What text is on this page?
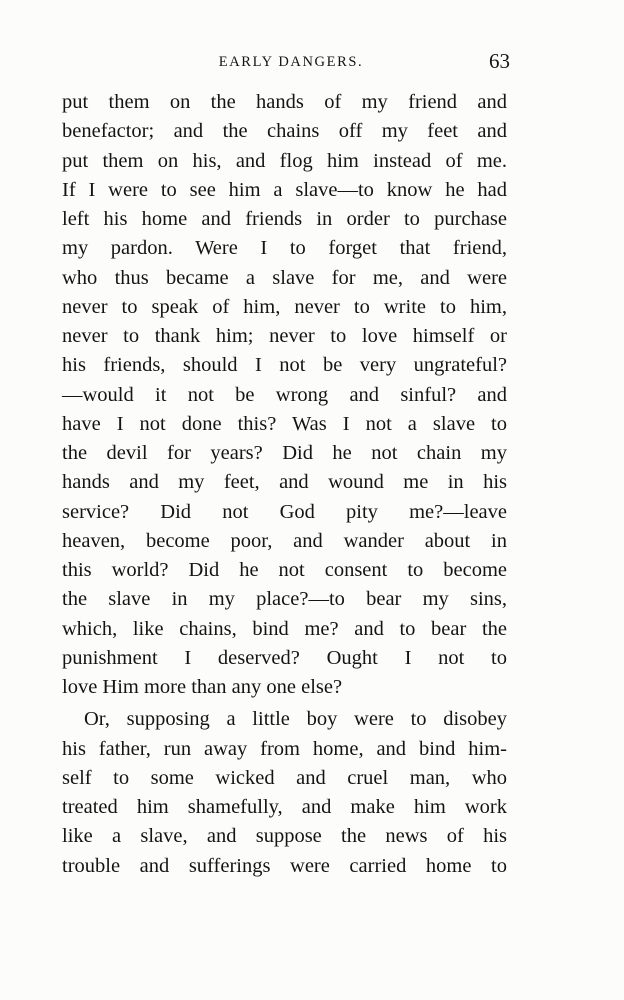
EARLY DANGERS.	63
put them on the hands of my friend and
benefactor; and the chains off my feet and
put them on his, and flog him instead of me.
If I were to see him a slave—to know he had
left his home and friends in order to purchase
my pardon. Were I to forget that friend,
who thus became a slave for me, and were
never to speak of him, never to write to him,
never to thank him; never to love himself or
his friends, should I not be very ungrateful?
—would it not be wrong and sinful? and
have I not done this? Was I not a slave to
the devil for years? Did he not chain my
hands and my feet, and wound me in his
service? Did not God pity me?—leave
heaven, become poor, and wander about in
this world? Did he not consent to become
the slave in my place?—to bear my sins,
which, like chains, bind me? and to bear the
punishment I deserved? Ought I not to
love Him more than any one else?
Or, supposing a little boy were to disobey
his father, run away from home, and bind him-
self to some wicked and cruel man, who
treated him shamefully, and make him work
like a slave, and suppose the news of his
trouble and sufferings were carried home to
